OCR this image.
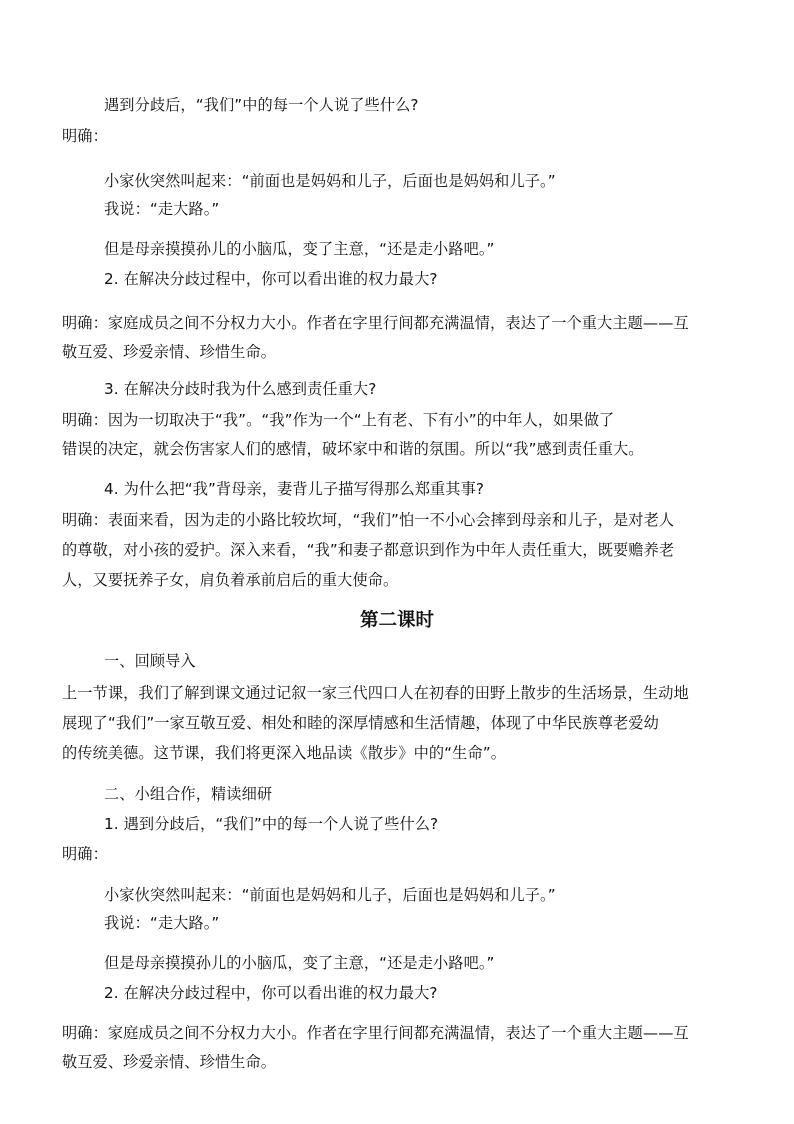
遇到分歧后，“我们”中的每一个人说了些什么?

明确：

小家伙突然叫起来：“前面也是妈妈和儿子，后面也是妈妈和儿子。”

我说：“走大路。”

但是母亲摸摸孙儿的小脑瓜，变了主意，“还是走小路吧。”

2. 在解决分歧过程中，你可以看出谁的权力最大?

明确：家庭成员之间不分权力大小。作者在字里行间都充满温情，表达了一个重大主题——互

敬互爱、珍爱亲情、珍惜生命。

3. 在解决分歧时我为什么感到责任重大?

明确：因为一切取决于“我”。“我”作为一个“上有老、下有小”的中年人，如果做了

错误的决定，就会伤害家人们的感情，破坏家中和谐的氛围。所以“我”感到责任重大。

4. 为什么把“我”背母亲，妻背儿子描写得那么郑重其事?

明确：表面来看，因为走的小路比较坎坷，“我们”怕一不小心会摔到母亲和儿子，是对老人

的尊敬，对小孩的爱护。深入来看，“我”和妻子都意识到作为中年人责任重大，既要赡养老

人，又要抚养子女，肩负着承前启后的重大使命。

第二课时

一、回顾导入

上一节课，我们了解到课文通过记叙一家三代四口人在初春的田野上散步的生活场景，生动地

展现了“我们”一家互敬互爱、相处和睦的深厚情感和生活情趣，体现了中华民族尊老爱幼

的传统美德。这节课，我们将更深入地品读《散步》中的“生命”。

二、小组合作，精读细研

1. 遇到分歧后，“我们”中的每一个人说了些什么?

明确：

小家伙突然叫起来：“前面也是妈妈和儿子，后面也是妈妈和儿子。”

我说：“走大路。”

但是母亲摸摸孙儿的小脑瓜，变了主意，“还是走小路吧。”

2. 在解决分歧过程中，你可以看出谁的权力最大?

明确：家庭成员之间不分权力大小。作者在字里行间都充满温情，表达了一个重大主题——互

敬互爱、珍爱亲情、珍惜生命。
